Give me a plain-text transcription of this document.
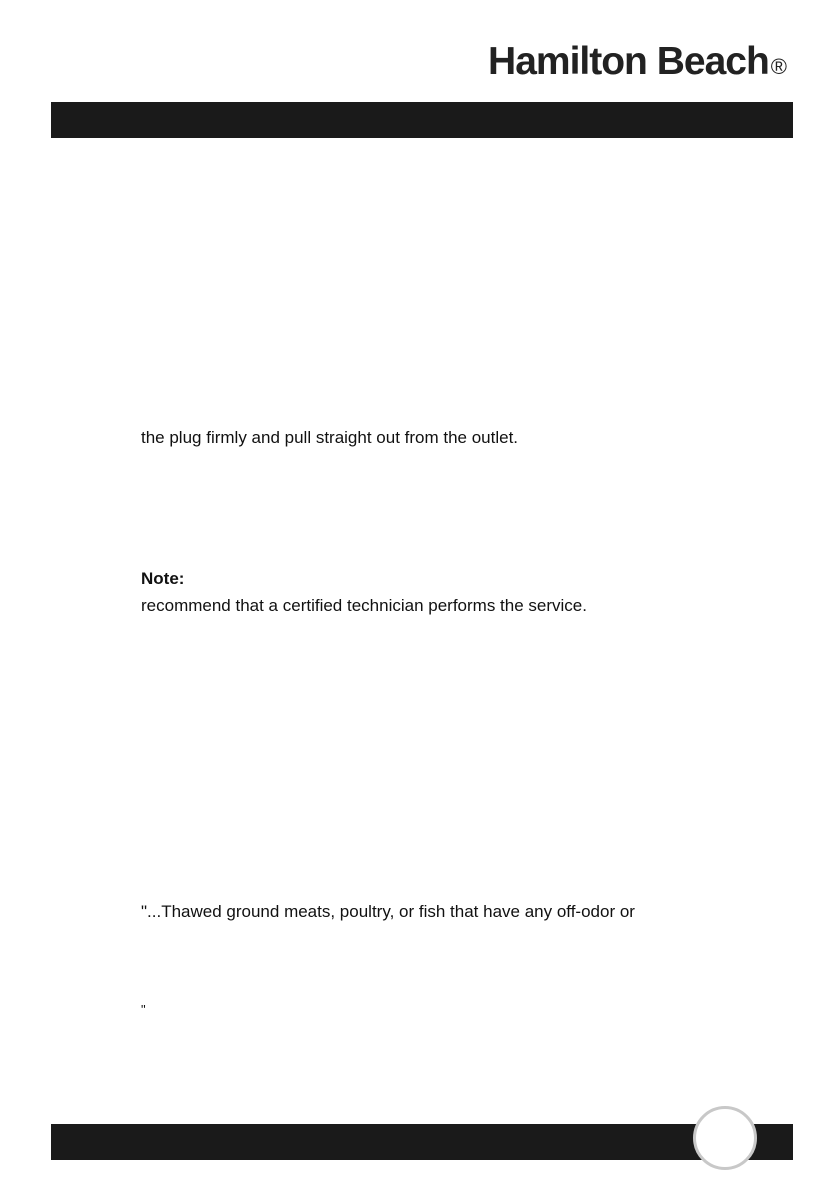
Hamilton Beach®
the plug firmly and pull straight out from the outlet.
Note:
recommend that a certified technician performs the service.
"...Thawed ground meats, poultry, or fish that have any off-odor or
"
